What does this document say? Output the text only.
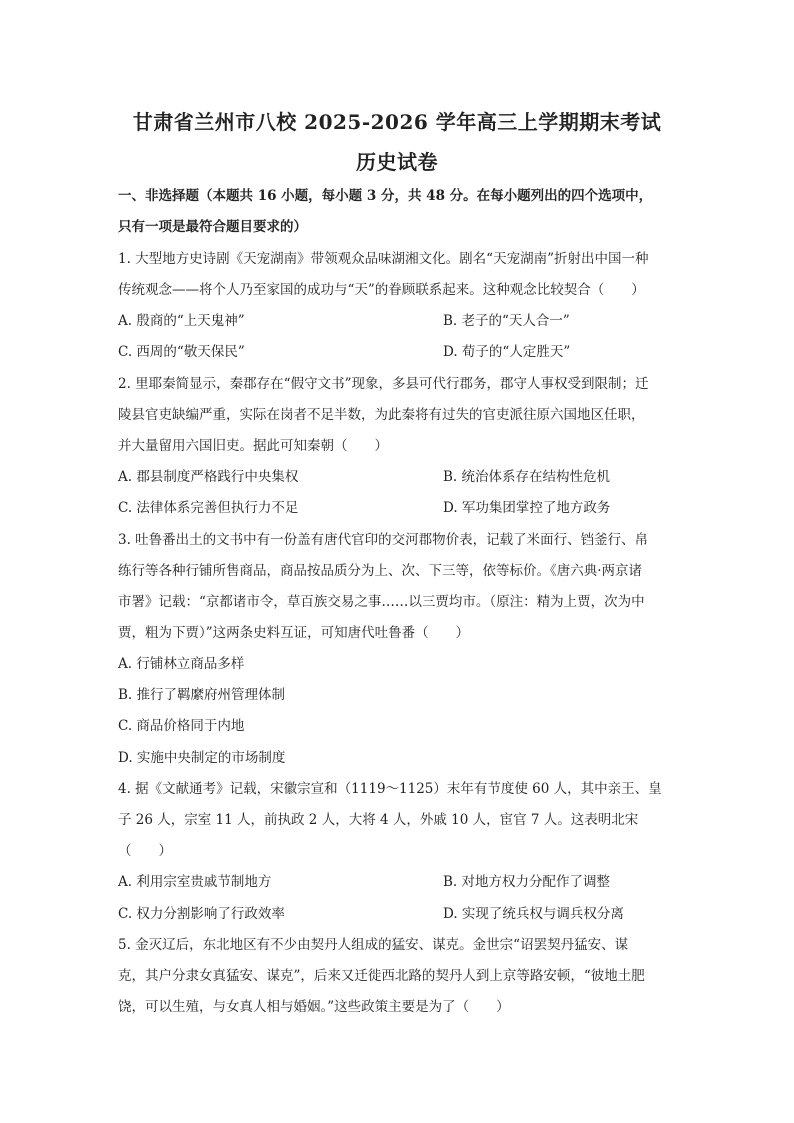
甘肃省兰州市八校 2025-2026 学年高三上学期期末考试
历史试卷
一、非选择题（本题共 16 小题，每小题 3 分，共 48 分。在每小题列出的四个选项中，
只有一项是最符合题目要求的）
1. 大型地方史诗剧《天宠湖南》带领观众品味湖湘文化。剧名“天宠湖南”折射出中国一种
传统观念——将个人乃至家国的成功与“天”的眷顾联系起来。这种观念比较契合（　　）
A. 殷商的“上天鬼神”	B. 老子的“天人合一”
C. 西周的“敬天保民”	D. 荀子的“人定胜天”
2. 里耶秦简显示，秦郡存在“假守文书”现象，多县可代行郡务，郡守人事权受到限制；迁
陵县官吏缺编严重，实际在岗者不足半数，为此秦将有过失的官吏派往原六国地区任职，
并大量留用六国旧吏。据此可知秦朝（　　）
A. 郡县制度严格践行中央集权	B. 统治体系存在结构性危机
C. 法律体系完善但执行力不足	D. 军功集团掌控了地方政务
3. 吐鲁番出土的文书中有一份盖有唐代官印的交河郡物价表，记载了米面行、铛釜行、帛
练行等各种行铺所售商品，商品按品质分为上、次、下三等，依等标价。《唐六典·两京诸
市署》记载：“京都诸市令，草百族交易之事……以三贾均市。（原注：精为上贾，次为中
贾，粗为下贾）”这两条史料互证，可知唐代吐鲁番（　　）
A. 行铺林立商品多样
B. 推行了羁縻府州管理体制
C. 商品价格同于内地
D. 实施中央制定的市场制度
4. 据《文献通考》记载，宋徽宗宣和（1119～1125）末年有节度使 60 人，其中亲王、皇
子 26 人，宗室 11 人，前执政 2 人，大将 4 人，外戚 10 人，宦官 7 人。这表明北宋
（　　）
A. 利用宗室贵戚节制地方	B. 对地方权力分配作了调整
C. 权力分割影响了行政效率	D. 实现了统兵权与调兵权分离
5. 金灭辽后，东北地区有不少由契丹人组成的猛安、谋克。金世宗“诏罢契丹猛安、谋
克，其户分隶女真猛安、谋克”，后来又迁徙西北路的契丹人到上京等路安顿，“彼地土肥
饶，可以生殖，与女真人相与婚姻。”这些政策主要是为了（　　）
